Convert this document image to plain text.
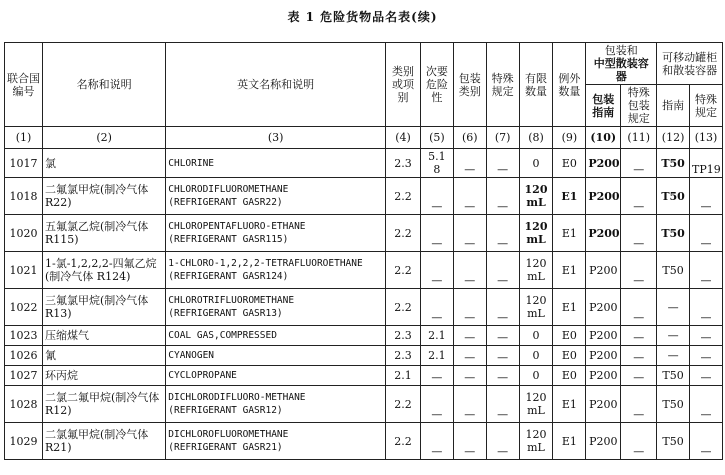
表 1 危险货物品名表(续)
联合国编号	名称和说明	英文名称和说明	类别或项别	次要危险性	包装类别	特殊规定	有限数量	例外数量	包装和
中型散装容器		可移动罐柜和散装容器	
									包装指南	特殊包装规定	指南	特殊规定
(1)	(2)	(3)	(4)	(5)	(6)	(7)	(8)	(9)	(10)	(11)	(12)	(13)
1017	氯	CHLORINE	2.3	5.1
8	—	—	0	E0	P200	—	T50	TP19
1018	二氟氯甲烷(制冷气体 R22)	CHLORODIFLUOROMETHANE
(REFRIGERANT GASR22)	2.2	—	—	—	120
mL	E1	P200	—	T50	—
1020	五氟氯乙烷(制冷气体 R115)	CHLOROPENTAFLUORO-ETHANE
(REFRIGERANT GASR115)	2.2	—	—	—	120
mL	E1	P200	—	T50	—
1021	1-氯-1,2,2,2-四氟乙烷(制冷气体 R124)	1-CHLORO-1,2,2,2-TETRAFLUOROETHANE
(REFRIGERANT GASR124)	2.2	—	—	—	120
mL	E1	P200	—	T50	—
1022	三氟氯甲烷(制冷气体 R13)	CHLOROTRIFLUOROMETHANE
(REFRIGERANT GASR13)	2.2	—	—	—	120
mL	E1	P200	—	—	—
1023	压缩煤气	COAL GAS,COMPRESSED	2.3	2.1	—	—	0	E0	P200	—	—	—
1026	氰	CYANOGEN	2.3	2.1	—	—	0	E0	P200	—	—	—
1027	环丙烷	CYCLOPROPANE	2.1	—	—	—	0	E0	P200	—	T50	—
1028	二氯二氟甲烷(制冷气体 R12)	DICHLORODIFLUORO-METHANE
(REFRIGERANT GASR12)	2.2	—	—	—	120
mL	E1	P200	—	T50	—
1029	二氯氟甲烷(制冷气体 R21)	DICHLOROFLUOROMETHANE
(REFRIGERANT GASR21)	2.2	—	—	—	120
mL	E1	P200	—	T50	—
